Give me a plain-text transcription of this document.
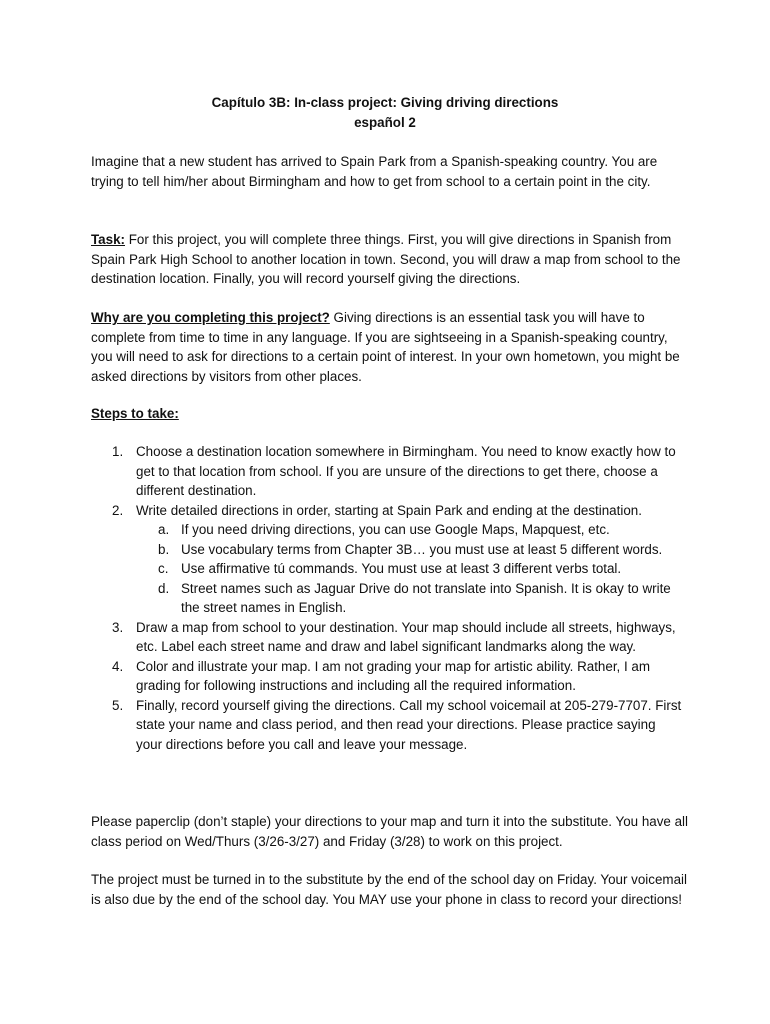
Capítulo 3B: In-class project: Giving driving directions

español 2

Imagine that a new student has arrived to Spain Park from a Spanish-speaking country. You are trying to tell him/her about Birmingham and how to get from school to a certain point in the city.

Task: For this project, you will complete three things. First, you will give directions in Spanish from Spain Park High School to another location in town. Second, you will draw a map from school to the destination location. Finally, you will record yourself giving the directions.

Why are you completing this project? Giving directions is an essential task you will have to complete from time to time in any language. If you are sightseeing in a Spanish-speaking country, you will need to ask for directions to a certain point of interest. In your own hometown, you might be asked directions by visitors from other places.

Steps to take:

1. Choose a destination location somewhere in Birmingham. You need to know exactly how to get to that location from school. If you are unsure of the directions to get there, choose a different destination.
2. Write detailed directions in order, starting at Spain Park and ending at the destination.
a. If you need driving directions, you can use Google Maps, Mapquest, etc.
b. Use vocabulary terms from Chapter 3B… you must use at least 5 different words.
c. Use affirmative tú commands. You must use at least 3 different verbs total.
d. Street names such as Jaguar Drive do not translate into Spanish. It is okay to write the street names in English.
3. Draw a map from school to your destination. Your map should include all streets, highways, etc. Label each street name and draw and label significant landmarks along the way.
4. Color and illustrate your map. I am not grading your map for artistic ability. Rather, I am grading for following instructions and including all the required information.
5. Finally, record yourself giving the directions. Call my school voicemail at 205-279-7707. First state your name and class period, and then read your directions. Please practice saying your directions before you call and leave your message.

Please paperclip (don’t staple) your directions to your map and turn it into the substitute. You have all class period on Wed/Thurs (3/26-3/27) and Friday (3/28) to work on this project.

The project must be turned in to the substitute by the end of the school day on Friday. Your voicemail is also due by the end of the school day. You MAY use your phone in class to record your directions!
